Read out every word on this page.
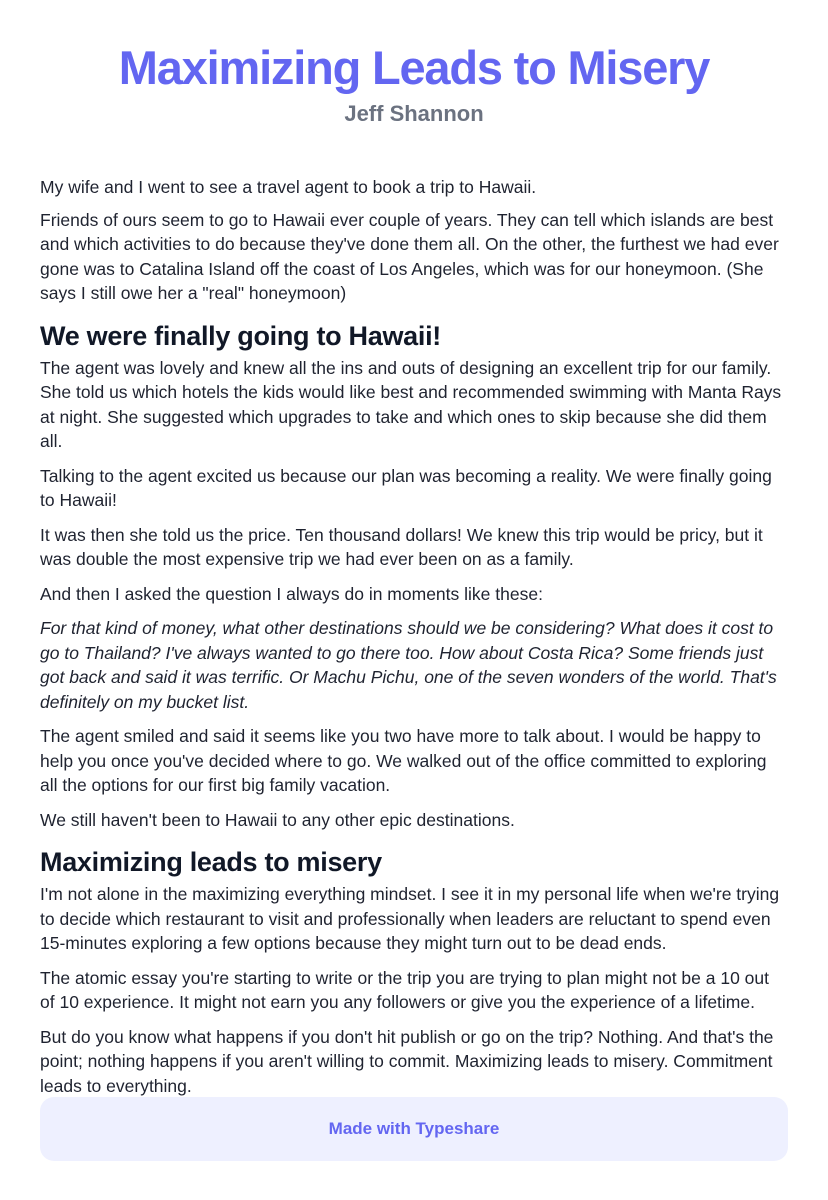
Maximizing Leads to Misery
Jeff Shannon

My wife and I went to see a travel agent to book a trip to Hawaii.

Friends of ours seem to go to Hawaii ever couple of years. They can tell which islands are best and which activities to do because they've done them all. On the other, the furthest we had ever gone was to Catalina Island off the coast of Los Angeles, which was for our honeymoon. (She says I still owe her a "real" honeymoon)

We were finally going to Hawaii!

The agent was lovely and knew all the ins and outs of designing an excellent trip for our family. She told us which hotels the kids would like best and recommended swimming with Manta Rays at night. She suggested which upgrades to take and which ones to skip because she did them all.

Talking to the agent excited us because our plan was becoming a reality. We were finally going to Hawaii!

It was then she told us the price. Ten thousand dollars! We knew this trip would be pricy, but it was double the most expensive trip we had ever been on as a family.

And then I asked the question I always do in moments like these:

For that kind of money, what other destinations should we be considering? What does it cost to go to Thailand? I've always wanted to go there too. How about Costa Rica? Some friends just got back and said it was terrific. Or Machu Pichu, one of the seven wonders of the world. That's definitely on my bucket list.

The agent smiled and said it seems like you two have more to talk about. I would be happy to help you once you've decided where to go. We walked out of the office committed to exploring all the options for our first big family vacation.

We still haven't been to Hawaii to any other epic destinations.

Maximizing leads to misery

I'm not alone in the maximizing everything mindset. I see it in my personal life when we're trying to decide which restaurant to visit and professionally when leaders are reluctant to spend even 15-minutes exploring a few options because they might turn out to be dead ends.

The atomic essay you're starting to write or the trip you are trying to plan might not be a 10 out of 10 experience. It might not earn you any followers or give you the experience of a lifetime.

But do you know what happens if you don't hit publish or go on the trip? Nothing. And that's the point; nothing happens if you aren't willing to commit. Maximizing leads to misery. Commitment leads to everything.

Made with Typeshare
